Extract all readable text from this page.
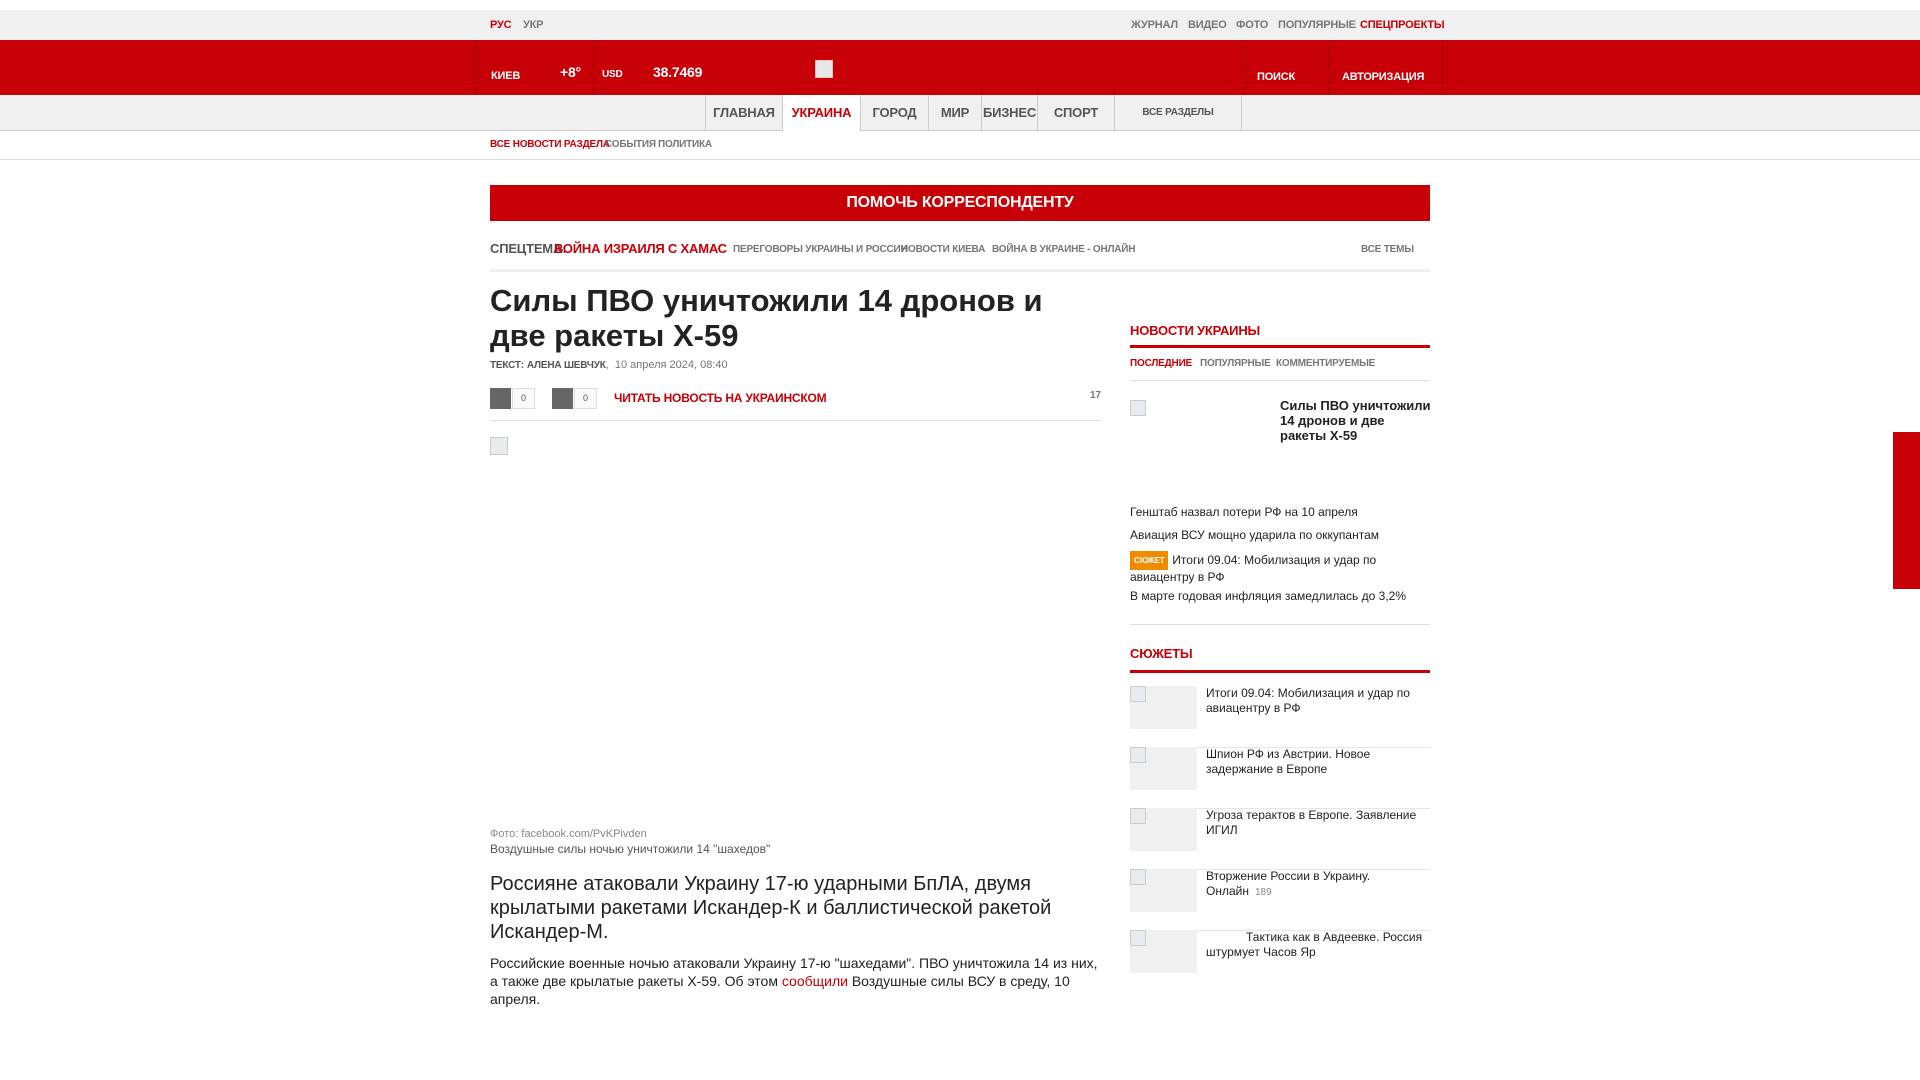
РУС УКР	ЖУРНАЛ ВИДЕО ФОТО ПОПУЛЯРНЫЕ СПЕЦПРОЕКТЫ
КИЕВ	+8° USD 38.7469	ПОИСК	АВТОРИЗАЦИЯ
ГЛАВНАЯ	УКРАИНА	ГОРОД	МИР	БИЗНЕС	СПОРТ	ВСЕ РАЗДЕЛЫ
ВСЕ НОВОСТИ РАЗДЕЛА
СОБЫТИЯ ПОЛИТИКА
ПОМОЧЬ КОРРЕСПОНДЕНТУ
СПЕЦТЕМА:
ВОЙНА ИЗРАИЛЯ С ХАМАС ПЕРЕГОВОРЫ УКРАИНЫ И РОССИИ
НОВОСТИ КИЕВА ВОЙНА В УКРАИНЕ - ОНЛАЙН	ВСЕ ТЕМЫ
Силы ПВО уничтожили 14 дронов и две ракеты Х-59
ТЕКСТ: АЛЕНА ШЕВЧУК,  10 апреля 2024, 08:40
0	0	ЧИТАТЬ НОВОСТЬ НА УКРАИНСКОМ	17
Фото: facebook.com/PvKPivden
Воздушные силы ночью уничтожили 14 "шахедов"
Россияне атаковали Украину 17-ю ударными БпЛА, двумя крылатыми ракетами Искандер-К и баллистической ракетой Искандер-М.
Российские военные ночью атаковали Украину 17-ю "шахедами". ПВО уничтожила 14 из них, а также две крылатые ракеты Х-59. Об этом сообщили Воздушные силы ВСУ в среду, 10 апреля.
НОВОСТИ УКРАИНЫ
ПОСЛЕДНИЕ ПОПУЛЯРНЫЕ КОММЕНТИРУЕМЫЕ
Силы ПВО уничтожили 14 дронов и две ракеты Х-59
Генштаб назвал потери РФ на 10 апреля
Авиация ВСУ мощно ударила по оккупантам
СЮЖЕТ Итоги 09.04: Мобилизация и удар по авиацентру в РФ
В марте годовая инфляция замедлилась до 3,2%
СЮЖЕТЫ
Итоги 09.04: Мобилизация и удар по авиацентру в РФ
Шпион РФ из Австрии. Новое задержание в Европе
Угроза терактов в Европе. Заявление ИГИЛ
Вторжение России в Украину. Онлайн 189
Тактика как в Авдеевке. Россия штурмует Часов Яр
